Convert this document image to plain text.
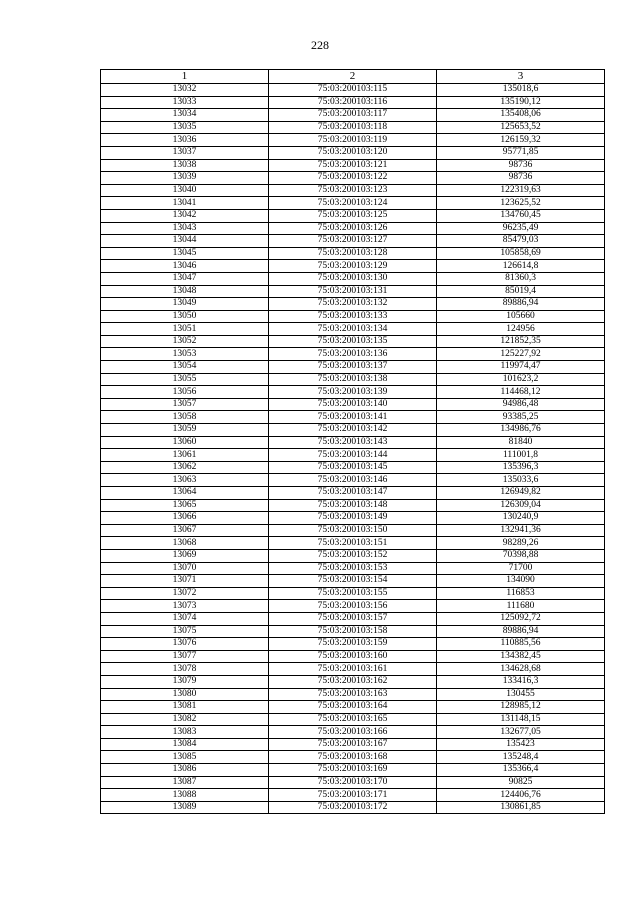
228
1	2	3
13032	75:03:200103:115	135018,6
13033	75:03:200103:116	135190,12
13034	75:03:200103:117	135408,06
13035	75:03:200103:118	125653,52
13036	75:03:200103:119	126159,32
13037	75:03:200103:120	95771,85
13038	75:03:200103:121	98736
13039	75:03:200103:122	98736
13040	75:03:200103:123	122319,63
13041	75:03:200103:124	123625,52
13042	75:03:200103:125	134760,45
13043	75:03:200103:126	96235,49
13044	75:03:200103:127	85479,03
13045	75:03:200103:128	105858,69
13046	75:03:200103:129	126614,8
13047	75:03:200103:130	81360,3
13048	75:03:200103:131	85019,4
13049	75:03:200103:132	89886,94
13050	75:03:200103:133	105660
13051	75:03:200103:134	124956
13052	75:03:200103:135	121852,35
13053	75:03:200103:136	125227,92
13054	75:03:200103:137	119974,47
13055	75:03:200103:138	101623,2
13056	75:03:200103:139	114468,12
13057	75:03:200103:140	94986,48
13058	75:03:200103:141	93385,25
13059	75:03:200103:142	134986,76
13060	75:03:200103:143	81840
13061	75:03:200103:144	111001,8
13062	75:03:200103:145	135396,3
13063	75:03:200103:146	135033,6
13064	75:03:200103:147	126949,82
13065	75:03:200103:148	126309,04
13066	75:03:200103:149	130240,9
13067	75:03:200103:150	132941,36
13068	75:03:200103:151	98289,26
13069	75:03:200103:152	70398,88
13070	75:03:200103:153	71700
13071	75:03:200103:154	134090
13072	75:03:200103:155	116853
13073	75:03:200103:156	111680
13074	75:03:200103:157	125092,72
13075	75:03:200103:158	89886,94
13076	75:03:200103:159	110885,56
13077	75:03:200103:160	134382,45
13078	75:03:200103:161	134628,68
13079	75:03:200103:162	133416,3
13080	75:03:200103:163	130455
13081	75:03:200103:164	128985,12
13082	75:03:200103:165	131148,15
13083	75:03:200103:166	132677,05
13084	75:03:200103:167	135423
13085	75:03:200103:168	135248,4
13086	75:03:200103:169	135366,4
13087	75:03:200103:170	90825
13088	75:03:200103:171	124406,76
13089	75:03:200103:172	130861,85
